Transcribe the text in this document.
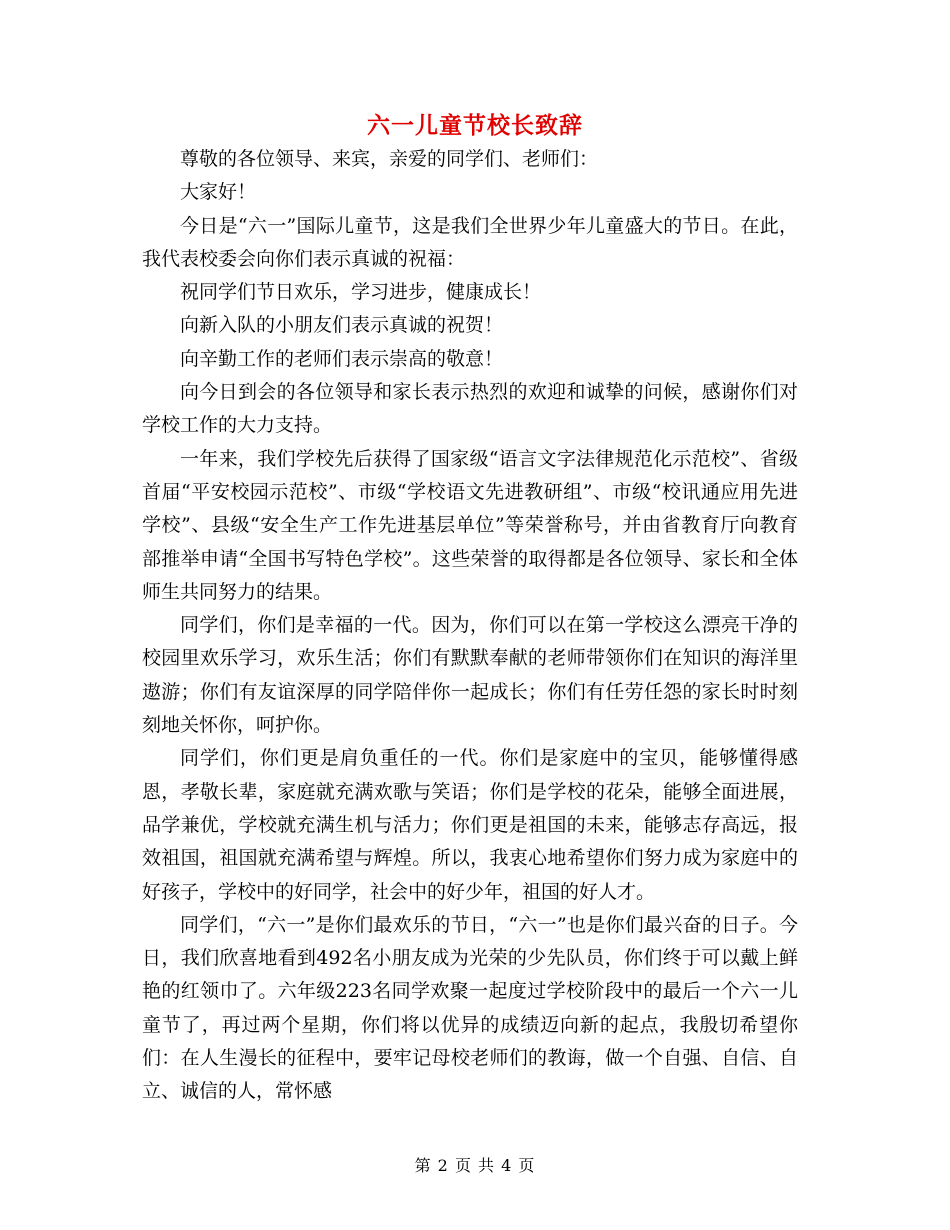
六一儿童节校长致辞

尊敬的各位领导、来宾，亲爱的同学们、老师们：

大家好！

今日是“六一”国际儿童节，这是我们全世界少年儿童盛大的节日。在此，我代表校委会向你们表示真诚的祝福：

祝同学们节日欢乐，学习进步，健康成长！

向新入队的小朋友们表示真诚的祝贺！

向辛勤工作的老师们表示崇高的敬意！

向今日到会的各位领导和家长表示热烈的欢迎和诚挚的问候，感谢你们对学校工作的大力支持。

一年来，我们学校先后获得了国家级“语言文字法律规范化示范校”、省级首届“平安校园示范校”、市级“学校语文先进教研组”、市级“校讯通应用先进学校”、县级“安全生产工作先进基层单位”等荣誉称号，并由省教育厅向教育部推举申请“全国书写特色学校”。这些荣誉的取得都是各位领导、家长和全体师生共同努力的结果。

同学们，你们是幸福的一代。因为，你们可以在第一学校这么漂亮干净的校园里欢乐学习，欢乐生活；你们有默默奉献的老师带领你们在知识的海洋里遨游；你们有友谊深厚的同学陪伴你一起成长；你们有任劳任怨的家长时时刻刻地关怀你，呵护你。

同学们，你们更是肩负重任的一代。你们是家庭中的宝贝，能够懂得感恩，孝敬长辈，家庭就充满欢歌与笑语；你们是学校的花朵，能够全面进展，品学兼优，学校就充满生机与活力；你们更是祖国的未来，能够志存高远，报效祖国，祖国就充满希望与辉煌。所以，我衷心地希望你们努力成为家庭中的好孩子，学校中的好同学，社会中的好少年，祖国的好人才。

同学们，“六一”是你们最欢乐的节日，“六一”也是你们最兴奋的日子。今日，我们欣喜地看到492名小朋友成为光荣的少先队员，你们终于可以戴上鲜艳的红领巾了。六年级223名同学欢聚一起度过学校阶段中的最后一个六一儿童节了，再过两个星期，你们将以优异的成绩迈向新的起点，我殷切希望你们：在人生漫长的征程中，要牢记母校老师们的教诲，做一个自强、自信、自立、诚信的人，常怀感

第 2 页 共 4 页
